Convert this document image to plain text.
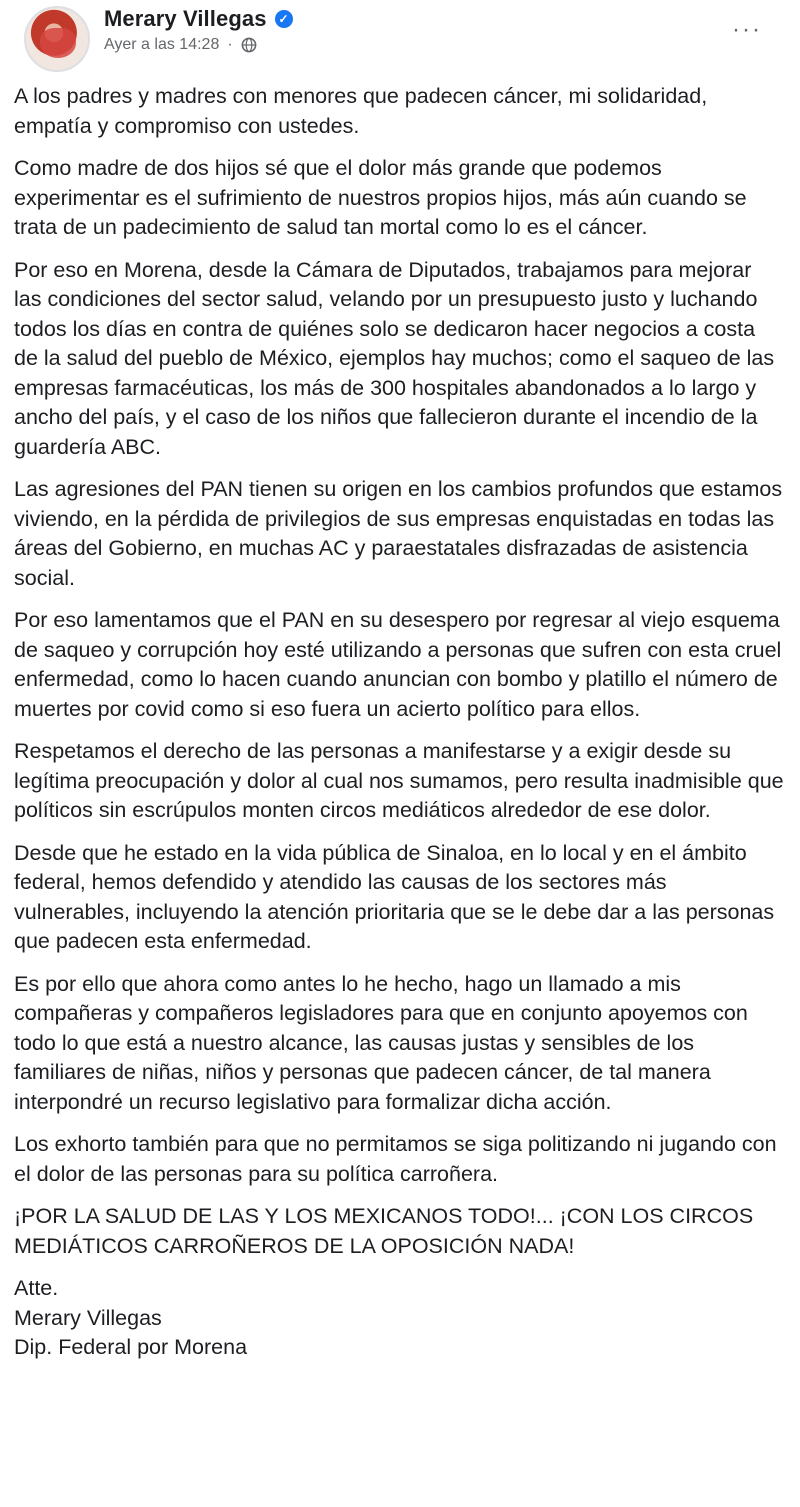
Merary Villegas ✓
Ayer a las 14:28 ·
···

A los padres y madres con menores que padecen cáncer, mi solidaridad, empatía y compromiso con ustedes.

Como madre de dos hijos sé que el dolor más grande que podemos experimentar es el sufrimiento de nuestros propios hijos, más aún cuando se trata de un padecimiento de salud tan mortal como lo es el cáncer.

Por eso en Morena, desde la Cámara de Diputados, trabajamos para mejorar las condiciones del sector salud, velando por un presupuesto justo y luchando todos los días en contra de quiénes solo se dedicaron hacer negocios a costa de la salud del pueblo de México, ejemplos hay muchos; como el saqueo de las empresas farmacéuticas, los más de 300 hospitales abandonados a lo largo y ancho del país, y el caso de los niños que fallecieron durante el incendio de la guardería ABC.

Las agresiones del PAN tienen su origen en los cambios profundos que estamos viviendo, en la pérdida de privilegios de sus empresas enquistadas en todas las áreas del Gobierno, en muchas AC y paraestatales disfrazadas de asistencia social.

Por eso lamentamos que el PAN en su desespero por regresar al viejo esquema de saqueo y corrupción hoy esté utilizando a personas que sufren con esta cruel enfermedad, como lo hacen cuando anuncian con bombo y platillo el número de muertes por covid como si eso fuera un acierto político para ellos.

Respetamos el derecho de las personas a manifestarse y a exigir desde su legítima preocupación y dolor al cual nos sumamos, pero resulta inadmisible que políticos sin escrúpulos monten circos mediáticos alrededor de ese dolor.

Desde que he estado en la vida pública de Sinaloa, en lo local y en el ámbito federal, hemos defendido y atendido las causas de los sectores más vulnerables, incluyendo la atención prioritaria que se le debe dar a las personas que padecen esta enfermedad.

Es por ello que ahora como antes lo he hecho, hago un llamado a mis compañeras y compañeros legisladores para que en conjunto apoyemos con todo lo que está a nuestro alcance, las causas justas y sensibles de los familiares de niñas, niños y personas que padecen cáncer, de tal manera interpondré un recurso legislativo para formalizar dicha acción.

Los exhorto también para que no permitamos se siga politizando ni jugando con el dolor de las personas para su política carroñera.

¡POR LA SALUD DE LAS Y LOS MEXICANOS TODO!... ¡CON LOS CIRCOS MEDIÁTICOS CARROÑEROS DE LA OPOSICIÓN NADA!

Atte.

Merary Villegas

Dip. Federal por Morena
